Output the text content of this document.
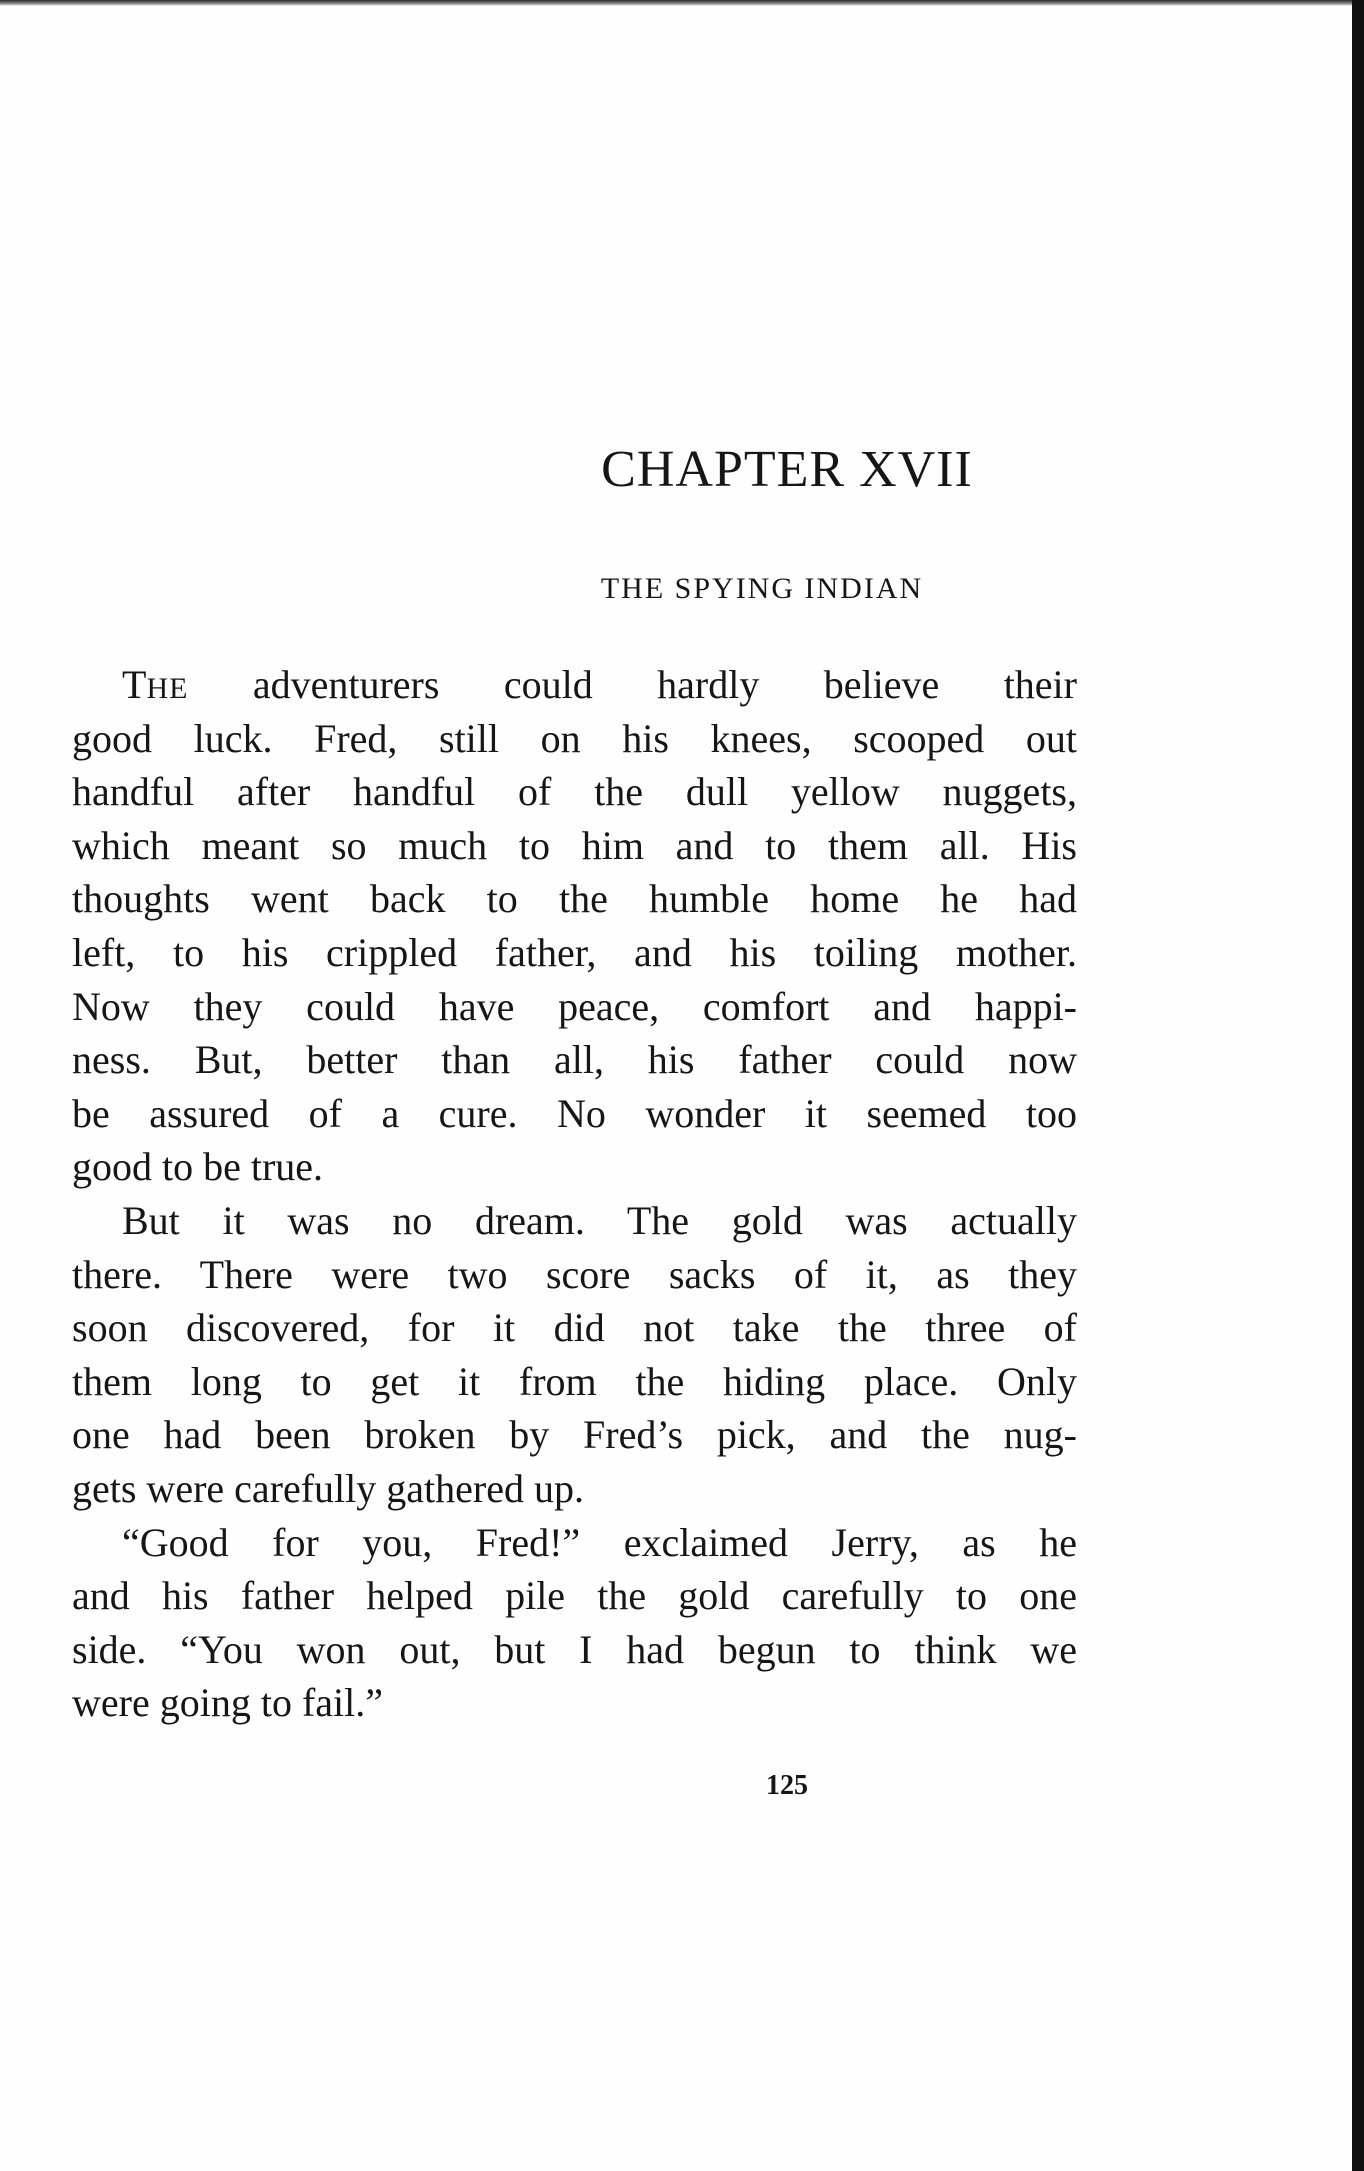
CHAPTER XVII
THE SPYING INDIAN
THE adventurers could hardly believe their
good luck. Fred, still on his knees, scooped out
handful after handful of the dull yellow nuggets,
which meant so much to him and to them all. His
thoughts went back to the humble home he had
left, to his crippled father, and his toiling mother.
Now they could have peace, comfort and happi-
ness. But, better than all, his father could now
be assured of a cure. No wonder it seemed too
good to be true.
But it was no dream. The gold was actually
there. There were two score sacks of it, as they
soon discovered, for it did not take the three of
them long to get it from the hiding place. Only
one had been broken by Fred’s pick, and the nug-
gets were carefully gathered up.
“Good for you, Fred!” exclaimed Jerry, as he
and his father helped pile the gold carefully to one
side. “You won out, but I had begun to think we
were going to fail.”
125
